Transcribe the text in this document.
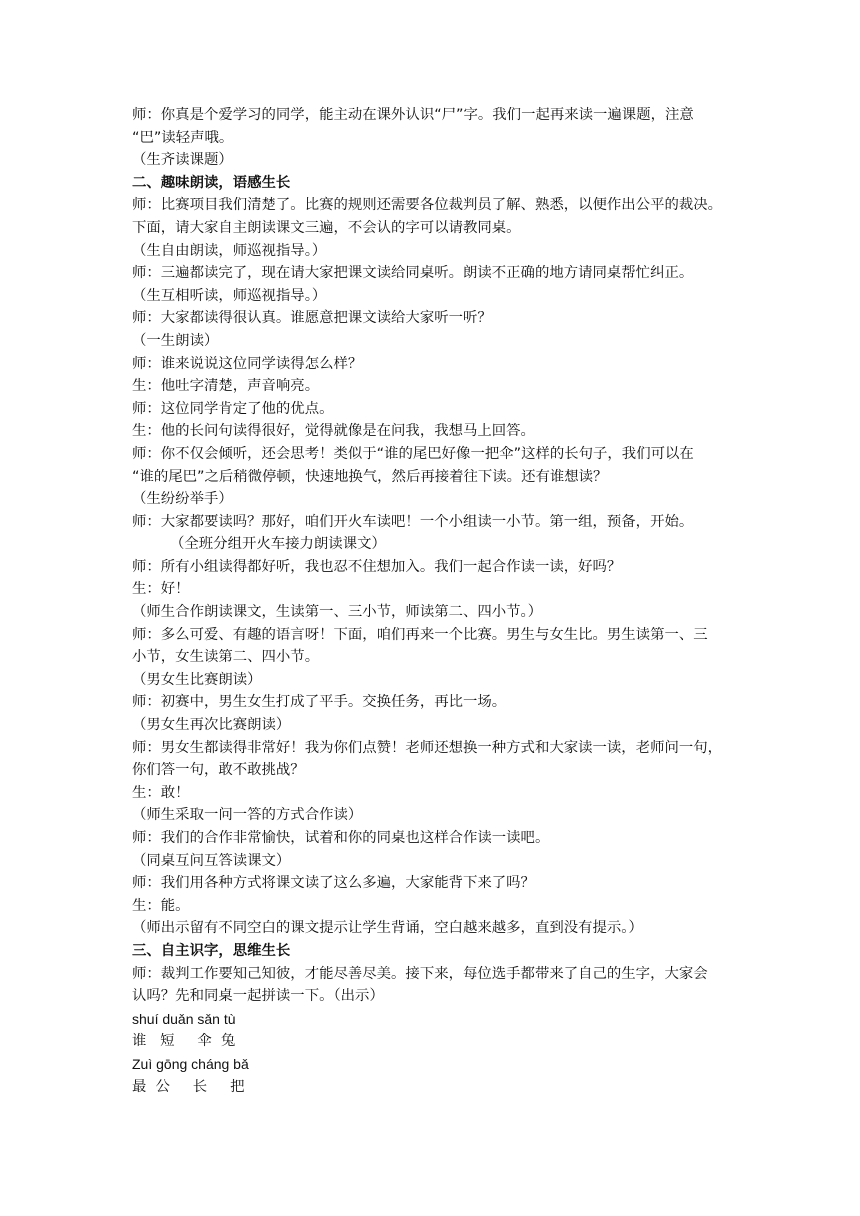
师：你真是个爱学习的同学，能主动在课外认识“尸”字。我们一起再来读一遍课题，注意
“巴”读轻声哦。
（生齐读课题）
二、趣味朗读，语感生长
师：比赛项目我们清楚了。比赛的规则还需要各位裁判员了解、熟悉，以便作出公平的裁决。
下面，请大家自主朗读课文三遍，不会认的字可以请教同桌。
（生自由朗读，师巡视指导。）
师：三遍都读完了，现在请大家把课文读给同桌听。朗读不正确的地方请同桌帮忙纠正。
（生互相听读，师巡视指导。）
师：大家都读得很认真。谁愿意把课文读给大家听一听？
（一生朗读）
师：谁来说说这位同学读得怎么样？
生：他吐字清楚，声音响亮。
师：这位同学肯定了他的优点。
生：他的长问句读得很好，觉得就像是在问我，我想马上回答。
师：你不仅会倾听，还会思考！类似于“谁的尾巴好像一把伞”这样的长句子，我们可以在
“谁的尾巴”之后稍微停顿，快速地换气，然后再接着往下读。还有谁想读？
（生纷纷举手）
师：大家都要读吗？那好，咱们开火车读吧！一个小组读一小节。第一组，预备，开始。
（全班分组开火车接力朗读课文）
师：所有小组读得都好听，我也忍不住想加入。我们一起合作读一读，好吗？
生：好！
（师生合作朗读课文，生读第一、三小节，师读第二、四小节。）
师：多么可爱、有趣的语言呀！下面，咱们再来一个比赛。男生与女生比。男生读第一、三
小节，女生读第二、四小节。
（男女生比赛朗读）
师：初赛中，男生女生打成了平手。交换任务，再比一场。
（男女生再次比赛朗读）
师：男女生都读得非常好！我为你们点赞！老师还想换一种方式和大家读一读，老师问一句，
你们答一句，敢不敢挑战？
生：敢！
（师生采取一问一答的方式合作读）
师：我们的合作非常愉快，试着和你的同桌也这样合作读一读吧。
（同桌互问互答读课文）
师：我们用各种方式将课文读了这么多遍，大家能背下来了吗？
生：能。
（师出示留有不同空白的课文提示让学生背诵，空白越来越多，直到没有提示。）
三、自主识字，思维生长
师：裁判工作要知己知彼，才能尽善尽美。接下来，每位选手都带来了自己的生字，大家会
认吗？先和同桌一起拼读一下。（出示）
shuí duǎn sǎn tù
谁   短     伞  兔
Zuì gōng cháng bǎ
最  公     长     把
